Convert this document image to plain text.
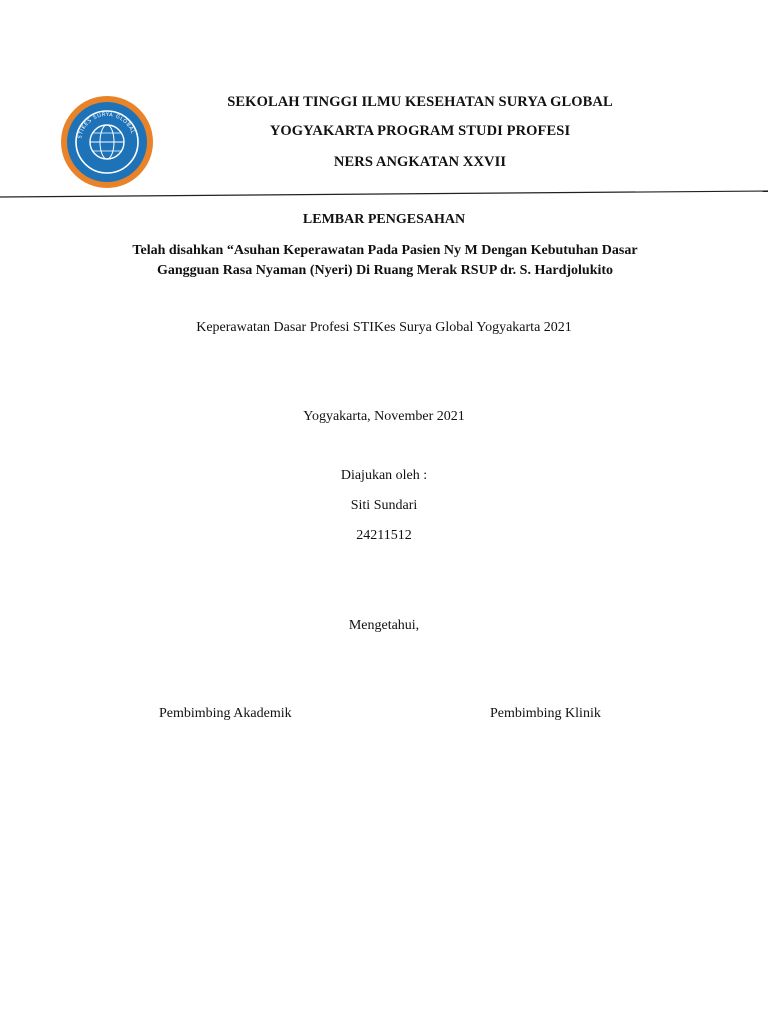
STIKES SURYA GLOBAL
SEKOLAH TINGGI ILMU KESEHATAN SURYA GLOBAL
YOGYAKARTA PROGRAM STUDI PROFESI
NERS ANGKATAN XXVII
LEMBAR PENGESAHAN
Telah disahkan “Asuhan Keperawatan Pada Pasien Ny M Dengan Kebutuhan Dasar
Gangguan Rasa Nyaman (Nyeri) Di Ruang Merak RSUP dr. S. Hardjolukito
Keperawatan Dasar Profesi STIKes Surya Global Yogyakarta 2021
Yogyakarta, November 2021
Diajukan oleh :
Siti Sundari
24211512
Mengetahui,
Pembimbing Akademik	Pembimbing Klinik
